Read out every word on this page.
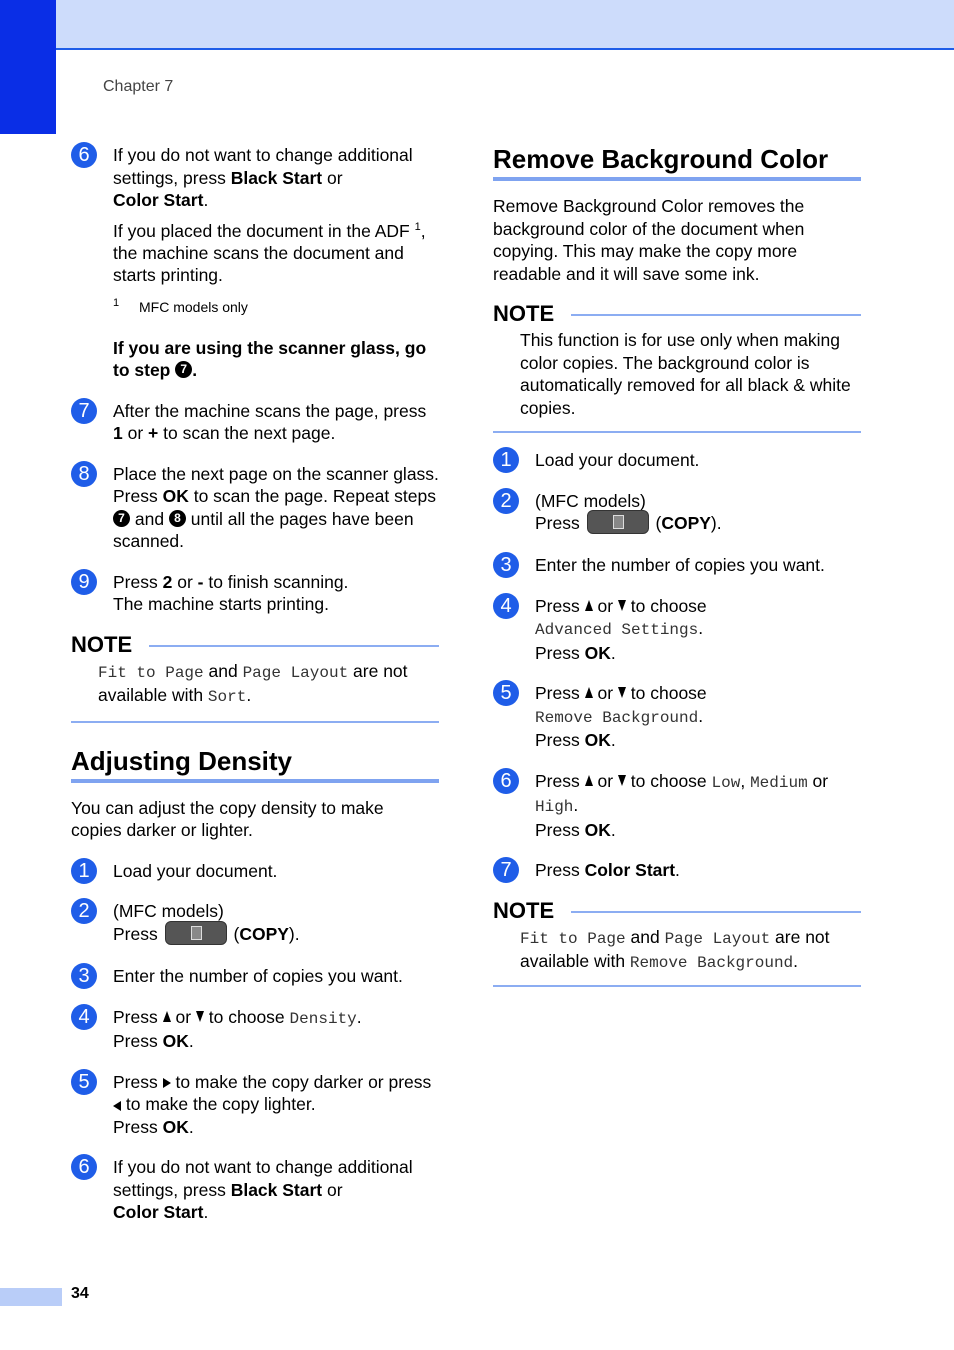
Chapter 7
6	If you do not want to change additional settings, press Black Start or
Color Start.
If you placed the document in the ADF $^1$, the machine scans the document and starts printing.
1 MFC models only
If you are using the scanner glass, go to step 7 .
7	After the machine scans the page, press
1 or + to scan the next page.
8	Place the next page on the scanner glass. Press OK to scan the page. Repeat steps 7 and 8 until all the pages have been scanned.
9	Press 2 or - to finish scanning.
The machine starts printing.
NOTE
Fit to Page and Page Layout are not available with Sort.
Adjusting Density
You can adjust the copy density to make copies darker or lighter.
1	Load your document.
2	(MFC models)
Press	(COPY).
3	Enter the number of copies you want.
4	Press  or  to choose Density.
Press OK.
5	Press  to make the copy darker or press  to make the copy lighter.
Press OK.
6	If you do not want to change additional settings, press Black Start or
Color Start.
Remove Background Color
Remove Background Color removes the background color of the document when copying. This may make the copy more readable and it will save some ink.
NOTE
This function is for use only when making color copies. The background color is automatically removed for all black & white copies.
1	Load your document.
2	(MFC models)
Press	(COPY).
3	Enter the number of copies you want.
4	Press  or  to choose
Advanced Settings.
Press OK.
5	Press  or  to choose
Remove Background.
Press OK.
6	Press  or  to choose Low, Medium or
High.
Press OK.
7	Press Color Start.
NOTE
Fit to Page and Page Layout are not available with Remove Background.
34
